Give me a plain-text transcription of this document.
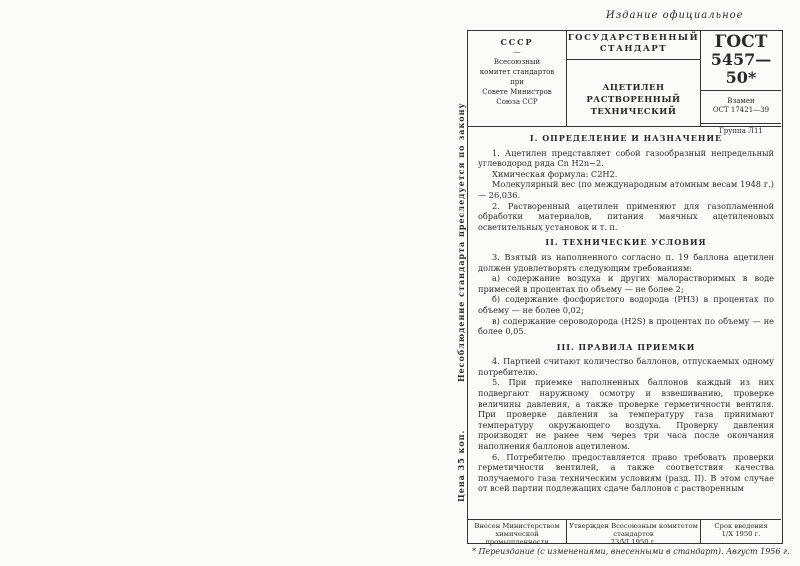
Издание официальное
Несоблюдение стандарта преследуется по закону
Цена 35 коп.
СССР
—
Всесоюзный
комитет стандартов
при
Совете Министров
Союза ССР
ГОСУДАРСТВЕННЫЙ
СТАНДАРТ
АЦЕТИЛЕН РАСТВОРЕННЫЙ
ТЕХНИЧЕСКИЙ
ГОСТ
5457—50*
Взамен
ОСТ 17421—39
Группа Л11
I. ОПРЕДЕЛЕНИЕ И НАЗНАЧЕНИЕ

1. Ацетилен представляет собой газообразный непредельный углеводород ряда Cn H2n−2.

Химическая формула: C2H2.

Молекулярный вес (по международным атомным весам 1948 г.) — 26,036.

2. Растворенный ацетилен применяют для газопламенной обработки материалов, питания маячных ацетиленовых осветительных установок и т. п.

II. ТЕХНИЧЕСКИЕ УСЛОВИЯ

3. Взятый из наполненного согласно п. 19 баллона ацетилен должен удовлетворять следующим требованиям:

а) содержание воздуха и других малорастворимых в воде примесей в процентах по объему — не более 2;

б) содержание фосфористого водорода (PH3) в процентах по объему — не более 0,02;

в) содержание сероводорода (H2S) в процентах по объему — не более 0,05.

III. ПРАВИЛА ПРИЕМКИ

4. Партией считают количество баллонов, отпускаемых одному потребителю.

5. При приемке наполненных баллонов каждый из них подвергают наружному осмотру и взвешиванию, проверке величины давления, а также проверке герметичности вентиля. При проверке давления за температуру газа принимают температуру окружающего воздуха. Проверку давления производят не ранее чем через три часа после окончания наполнения баллонов ацетиленом.

6. Потребителю предоставляется право требовать проверки герметичности вентилей, а также соответствия качества получаемого газа техническим условиям (разд. II). В этом случае от всей партии подлежащих сдаче баллонов с растворенным

Внесен Министерством химической промышленности
Утвержден Всесоюзным комитетом стандартов
23/VI 1950 г.
Срок введения
1/X 1950 г.
* Переиздание (с изменениями, внесенными в стандарт). Август 1956 г.
